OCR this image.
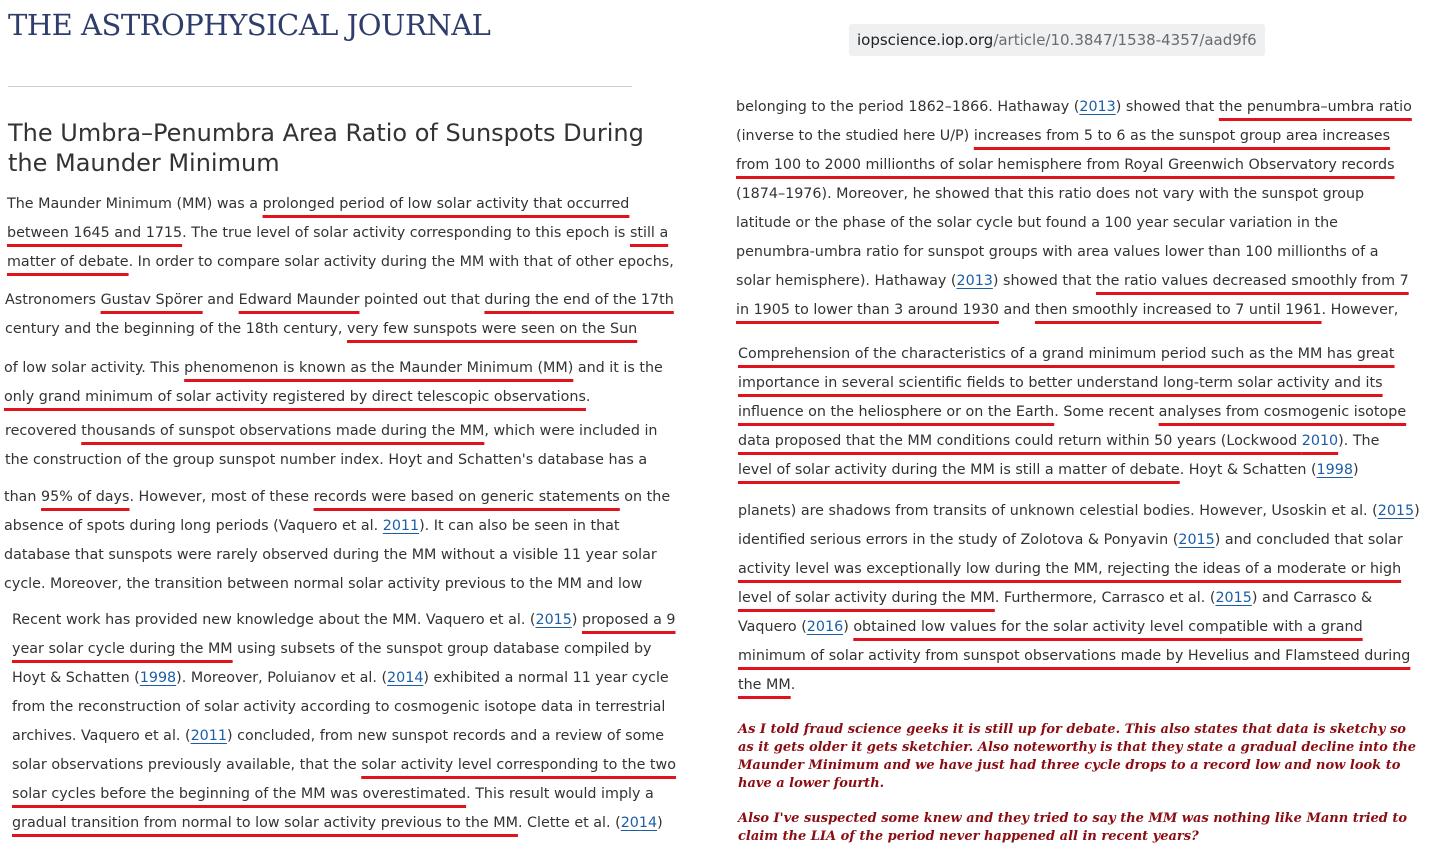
THE ASTROPHYSICAL JOURNAL	iopscience.iop.org/article/10.3847/1538-4357/aad9f6
The Umbra–Penumbra Area Ratio of Sunspots During
the Maunder Minimum
The Maunder Minimum (MM) was a prolonged period of low solar activity that occurred
between 1645 and 1715. The true level of solar activity corresponding to this epoch is still a
matter of debate. In order to compare solar activity during the MM with that of other epochs,
Astronomers Gustav Spörer and Edward Maunder pointed out that during the end of the 17th
century and the beginning of the 18th century, very few sunspots were seen on the Sun
of low solar activity. This phenomenon is known as the Maunder Minimum (MM) and it is the
only grand minimum of solar activity registered by direct telescopic observations.
recovered thousands of sunspot observations made during the MM, which were included in
the construction of the group sunspot number index. Hoyt and Schatten's database has a
than 95% of days. However, most of these records were based on generic statements on the
absence of spots during long periods (Vaquero et al. 2011). It can also be seen in that
database that sunspots were rarely observed during the MM without a visible 11 year solar
cycle. Moreover, the transition between normal solar activity previous to the MM and low
Recent work has provided new knowledge about the MM. Vaquero et al. (2015) proposed a 9
year solar cycle during the MM using subsets of the sunspot group database compiled by
Hoyt & Schatten (1998). Moreover, Poluianov et al. (2014) exhibited a normal 11 year cycle
from the reconstruction of solar activity according to cosmogenic isotope data in terrestrial
archives. Vaquero et al. (2011) concluded, from new sunspot records and a review of some
solar observations previously available, that the solar activity level corresponding to the two
solar cycles before the beginning of the MM was overestimated. This result would imply a
gradual transition from normal to low solar activity previous to the MM. Clette et al. (2014)
belonging to the period 1862–1866. Hathaway (2013) showed that the penumbra–umbra ratio
(inverse to the studied here U/P) increases from 5 to 6 as the sunspot group area increases
from 100 to 2000 millionths of solar hemisphere from Royal Greenwich Observatory records
(1874–1976). Moreover, he showed that this ratio does not vary with the sunspot group
latitude or the phase of the solar cycle but found a 100 year secular variation in the
penumbra-umbra ratio for sunspot groups with area values lower than 100 millionths of a
solar hemisphere). Hathaway (2013) showed that the ratio values decreased smoothly from 7
in 1905 to lower than 3 around 1930 and then smoothly increased to 7 until 1961. However,
Comprehension of the characteristics of a grand minimum period such as the MM has great
importance in several scientific fields to better understand long-term solar activity and its
influence on the heliosphere or on the Earth. Some recent analyses from cosmogenic isotope
data proposed that the MM conditions could return within 50 years (Lockwood 2010). The
level of solar activity during the MM is still a matter of debate. Hoyt & Schatten (1998)
planets) are shadows from transits of unknown celestial bodies. However, Usoskin et al. (2015)
identified serious errors in the study of Zolotova & Ponyavin (2015) and concluded that solar
activity level was exceptionally low during the MM, rejecting the ideas of a moderate or high
level of solar activity during the MM. Furthermore, Carrasco et al. (2015) and Carrasco &
Vaquero (2016) obtained low values for the solar activity level compatible with a grand
minimum of solar activity from sunspot observations made by Hevelius and Flamsteed during
the MM.
As I told fraud science geeks it is still up for debate. This also states that data is sketchy so as it gets older it gets sketchier. Also noteworthy is that they state a gradual decline into the Maunder Minimum and we have just had three cycle drops to a record low and now look to have a lower fourth.
Also I've suspected some knew and they tried to say the MM was nothing like Mann tried to claim the LIA of the period never happened all in recent years?
